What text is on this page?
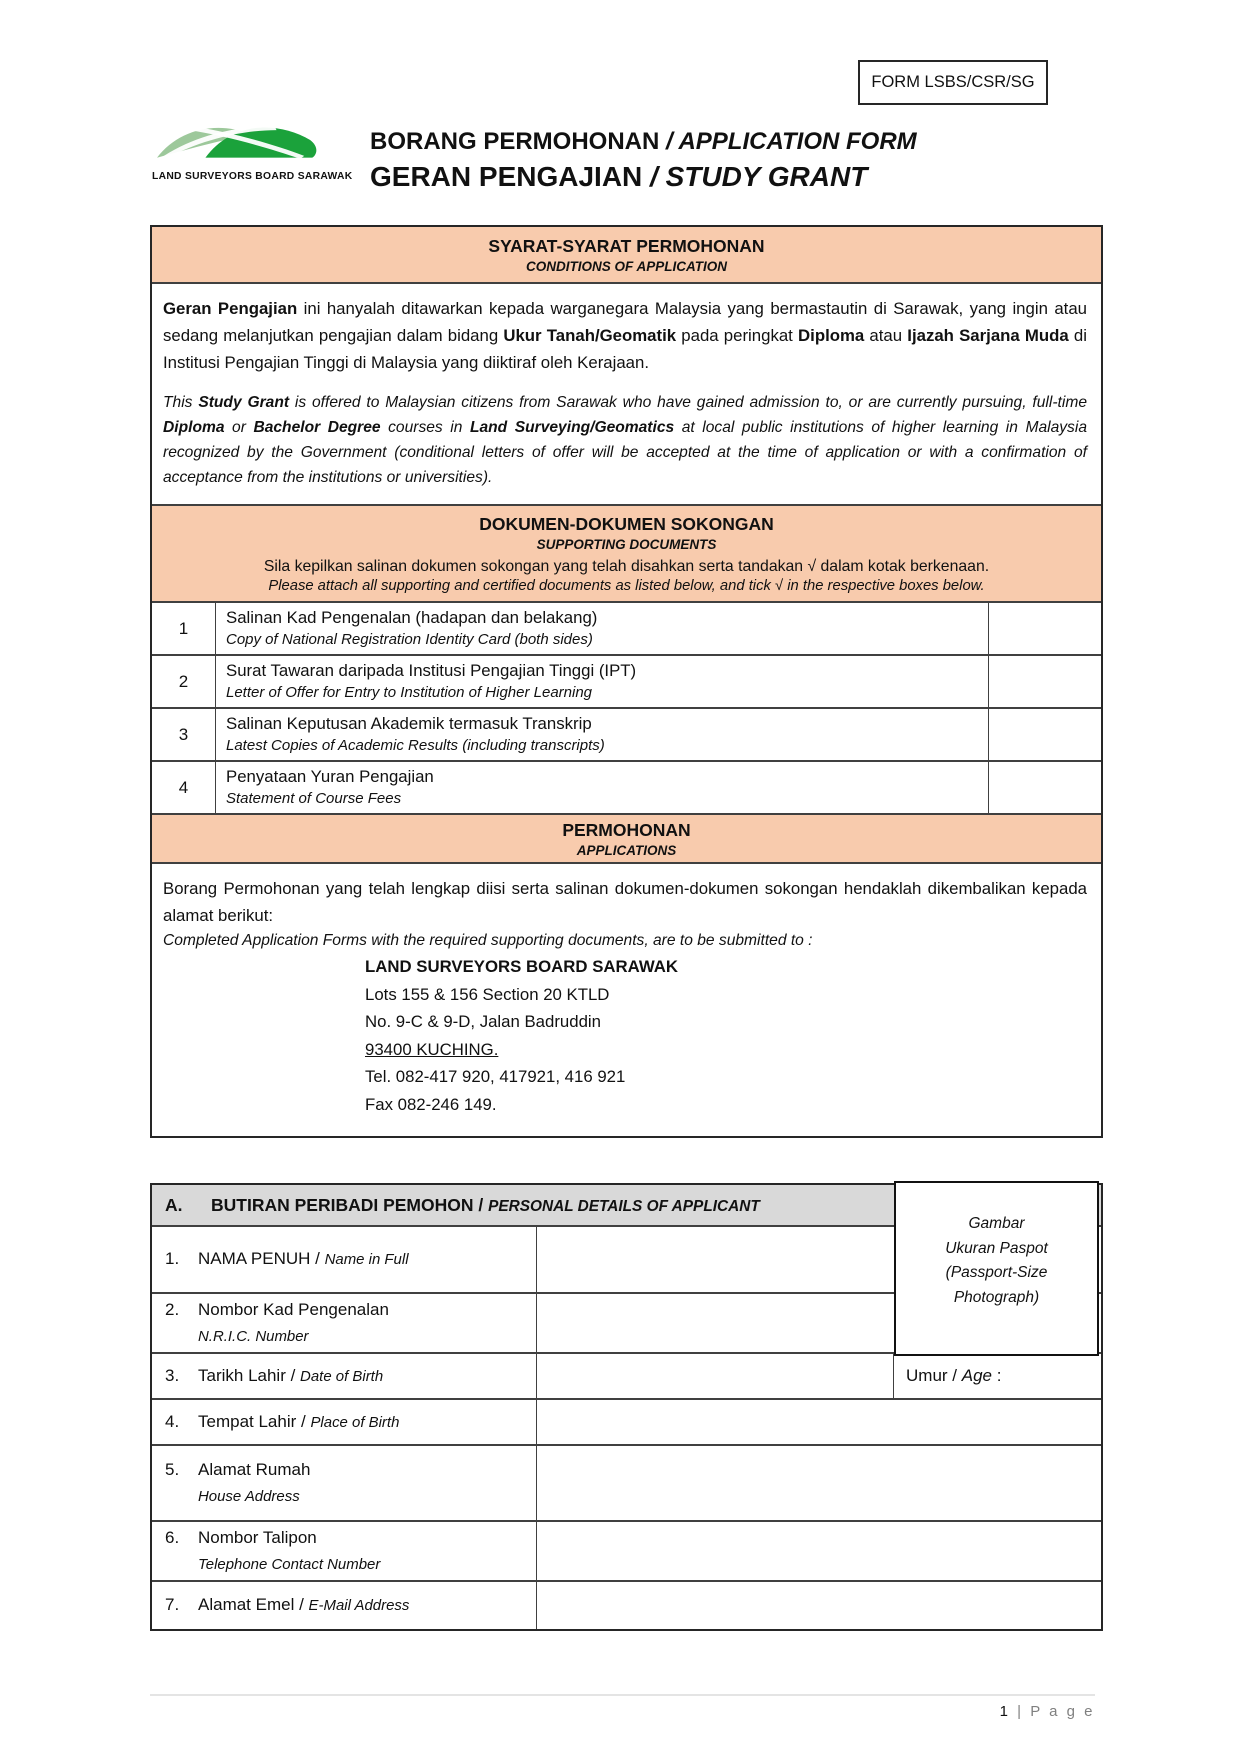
FORM LSBS/CSR/SG
LAND SURVEYORS BOARD SARAWAK
BORANG PERMOHONAN / APPLICATION FORM
GERAN PENGAJIAN / STUDY GRANT
SYARAT-SYARAT PERMOHONAN
CONDITIONS OF APPLICATION

Geran Pengajian ini hanyalah ditawarkan kepada warganegara Malaysia yang bermastautin di Sarawak, yang ingin atau sedang melanjutkan pengajian dalam bidang Ukur Tanah/Geomatik pada peringkat Diploma atau Ijazah Sarjana Muda di Institusi Pengajian Tinggi di Malaysia yang diiktiraf oleh Kerajaan.

This Study Grant is offered to Malaysian citizens from Sarawak who have gained admission to, or are currently pursuing, full-time Diploma or Bachelor Degree courses in Land Surveying/Geomatics at local public institutions of higher learning in Malaysia recognized by the Government (conditional letters of offer will be accepted at the time of application or with a confirmation of acceptance from the institutions or universities).

DOKUMEN-DOKUMEN SOKONGAN
SUPPORTING DOCUMENTS
Sila kepilkan salinan dokumen sokongan yang telah disahkan serta tandakan √ dalam kotak berkenaan.
Please attach all supporting and certified documents as listed below, and tick √ in the respective boxes below.
1
Salinan Kad Pengenalan (hadapan dan belakang)
Copy of National Registration Identity Card (both sides)
2
Surat Tawaran daripada Institusi Pengajian Tinggi (IPT)
Letter of Offer for Entry to Institution of Higher Learning
3
Salinan Keputusan Akademik termasuk Transkrip
Latest Copies of Academic Results (including transcripts)
4
Penyataan Yuran Pengajian
Statement of Course Fees
PERMOHONAN
APPLICATIONS

Borang Permohonan yang telah lengkap diisi serta salinan dokumen-dokumen sokongan hendaklah dikembalikan kepada alamat berikut:

Completed Application Forms with the required supporting documents, are to be submitted to :

LAND SURVEYORS BOARD SARAWAK
Lots 155 & 156 Section 20 KTLD
No. 9-C & 9-D, Jalan Badruddin
93400 KUCHING.
Tel. 082-417 920, 417921, 416 921
Fax 082-246 149.
A.	BUTIRAN PERIBADI PEMOHON / PERSONAL DETAILS OF APPLICANT
1.	NAMA PENUH / Name in Full
2.	Nombor Kad Pengenalan
N.R.I.C. Number
3.	Tarikh Lahir / Date of Birth	Umur / Age :
4.	Tempat Lahir / Place of Birth
5.	Alamat Rumah
House Address
6.	Nombor Talipon
Telephone Contact Number
7.	Alamat Emel / E-Mail Address
Gambar
Ukuran Paspot
(Passport-Size
Photograph)
1 | P a g e
